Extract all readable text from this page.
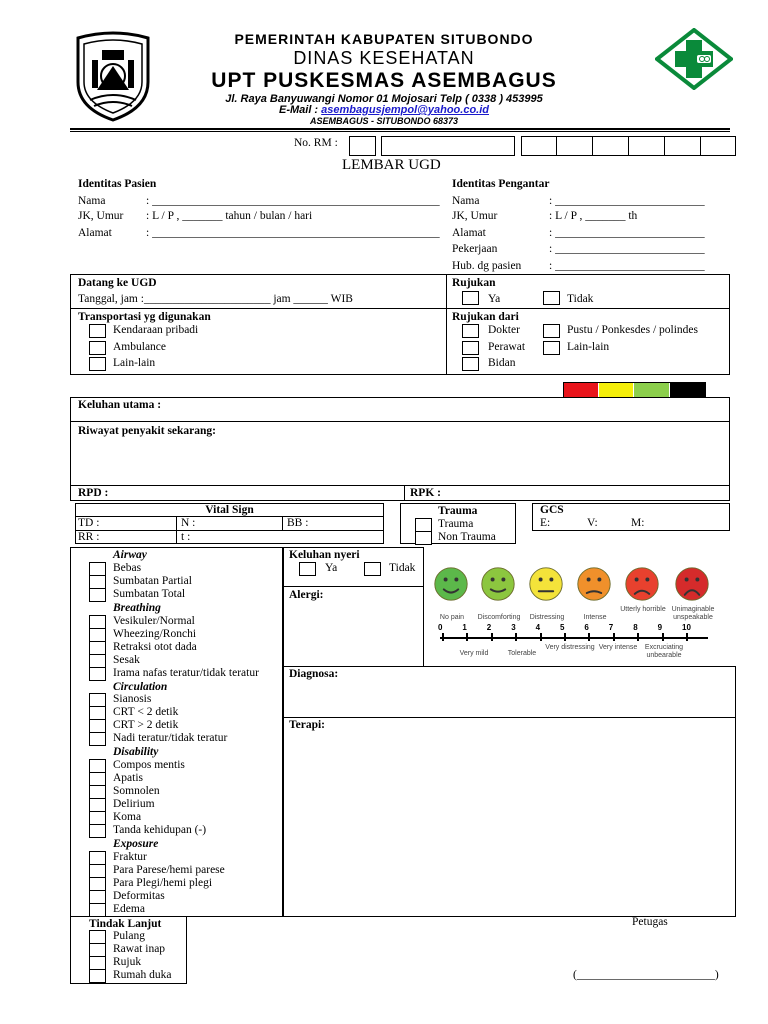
PEMERINTAH KABUPATEN SITUBONDO
DINAS KESEHATAN
UPT PUSKESMAS ASEMBAGUS
Jl. Raya Banyuwangi Nomor 01 Mojosari Telp ( 0338 ) 453995
E-Mail : asembagusjempol@yahoo.co.id
ASEMBAGUS - SITUBONDO 68373
No. RM :
LEMBAR UGD
Identitas Pasien
Nama	: __________________________________________________
JK, Umur : L / P , _______ tahun / bulan / hari
Alamat	: __________________________________________________
Identitas Pengantar
Nama	: __________________________
JK, Umur	: L / P , _______ th
Alamat	: __________________________
Pekerjaan	: __________________________
Hub. dg pasien : __________________________
Datang ke UGD
Tanggal, jam :______________________ jam ______ WIB
Transportasi yg digunakan
Kendaraan pribadi
Ambulance
Lain-lain
Rujukan
Ya	Tidak
Rujukan dari
Dokter
Perawat
Bidan
Pustu / Ponkesdes / polindes
Lain-lain
Keluhan utama :
Riwayat penyakit sekarang:
RPD :	RPK :
Vital Sign
TD :	N :	BB :
RR :	t :
Trauma
Trauma
Non Trauma
GCS
E:	V:	M:
Airway
Bebas
Sumbatan Partial
Sumbatan Total
Breathing
Vesikuler/Normal
Wheezing/Ronchi
Retraksi otot dada
Sesak
Irama nafas teratur/tidak teratur
Circulation
Sianosis
CRT < 2 detik
CRT > 2 detik
Nadi teratur/tidak teratur
Disability
Compos mentis
Apatis
Somnolen
Delirium
Koma
Tanda kehidupan (-)
Exposure
Fraktur
Para Parese/hemi parese
Para Plegi/hemi plegi
Deformitas
Edema
Keluhan nyeri
Ya	Tidak
Alergi:
No pain	Discomforting	Distressing	Intense
Utterly horrible Unimaginable unspeakable
0 1 2 3 4 5 6 7 8 9 10
Very mild	Tolerable
Very distressing Very intense	Excruciating unbearable
Diagnosa:
Terapi:
Tindak Lanjut
Pulang
Rawat inap
Rujuk
Rumah duka
Petugas
(________________________)
